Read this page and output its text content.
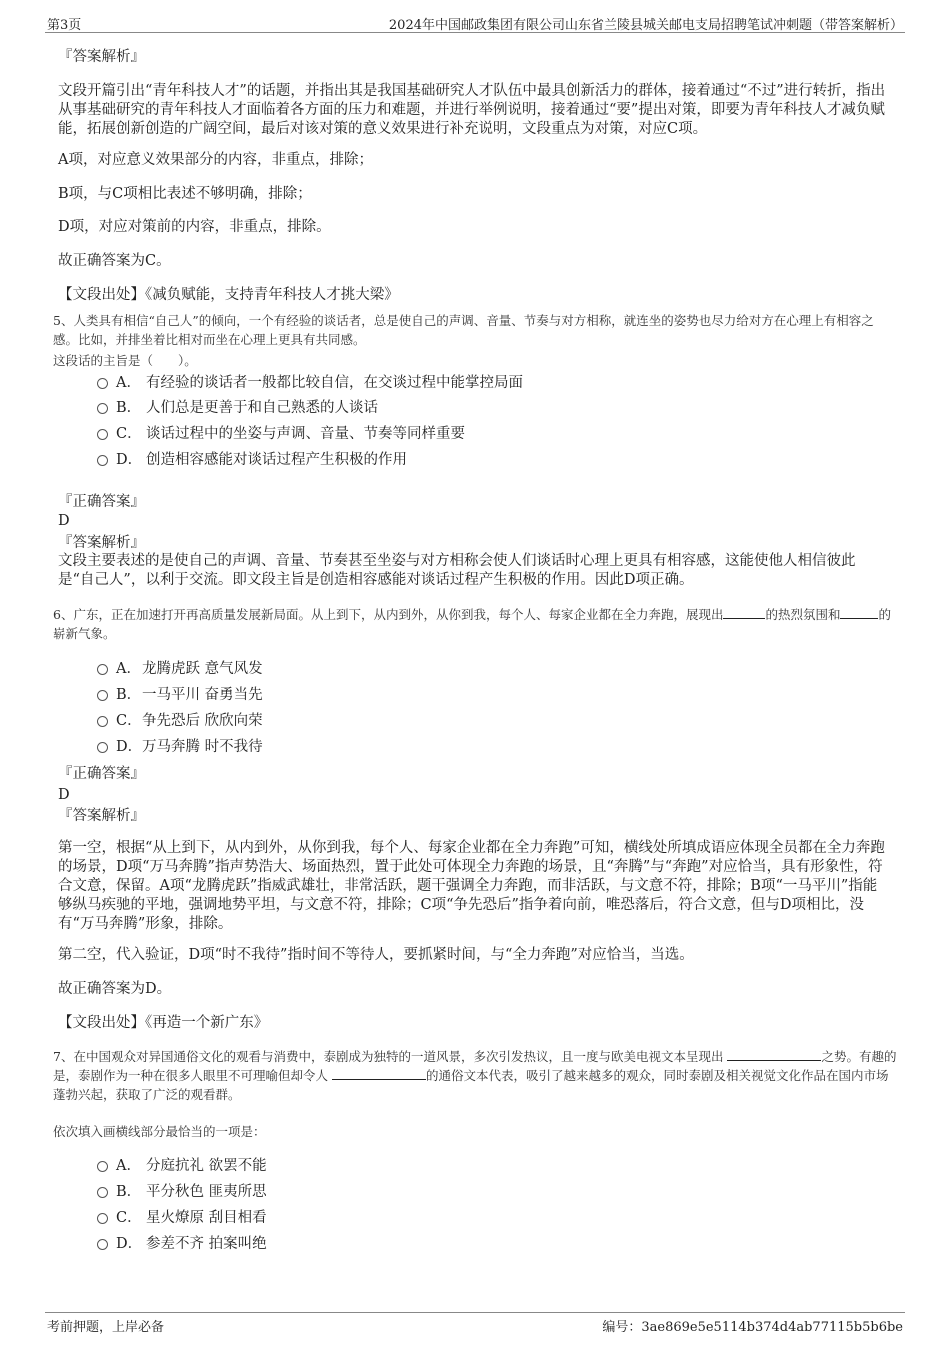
第3页	2024年中国邮政集团有限公司山东省兰陵县城关邮电支局招聘笔试冲刺题（带答案解析）
『答案解析』
文段开篇引出“青年科技人才”的话题，并指出其是我国基础研究人才队伍中最具创新活力的群体，接着通过“不过”进行转折，指出从事基础研究的青年科技人才面临着各方面的压力和难题，并进行举例说明，接着通过“要”提出对策，即要为青年科技人才减负赋能，拓展创新创造的广阔空间，最后对该对策的意义效果进行补充说明，文段重点为对策，对应C项。
A项，对应意义效果部分的内容，非重点，排除；
B项，与C项相比表述不够明确，排除；
D项，对应对策前的内容，非重点，排除。
故正确答案为C。
【文段出处】《减负赋能，支持青年科技人才挑大梁》
5、人类具有相信“自己人”的倾向，一个有经验的谈话者，总是使自己的声调、音量、节奏与对方相称，就连坐的姿势也尽力给对方在心理上有相容之感。比如，并排坐着比相对而坐在心理上更具有共同感。
这段话的主旨是（　　）。
A． 有经验的谈话者一般都比较自信，在交谈过程中能掌控局面
B． 人们总是更善于和自己熟悉的人谈话
C． 谈话过程中的坐姿与声调、音量、节奏等同样重要
D． 创造相容感能对谈话过程产生积极的作用
『正确答案』
D
『答案解析』
文段主要表述的是使自己的声调、音量、节奏甚至坐姿与对方相称会使人们谈话时心理上更具有相容感，这能使他人相信彼此是“自己人”，以利于交流。即文段主旨是创造相容感能对谈话过程产生积极的作用。因此D项正确。
6、广东，正在加速打开再高质量发展新局面。从上到下，从内到外，从你到我，每个人、每家企业都在全力奔跑，展现出	的热烈氛围和	的崭新气象。
A．龙腾虎跃 意气风发
B．一马平川 奋勇当先
C．争先恐后 欣欣向荣
D．万马奔腾 时不我待
『正确答案』
D
『答案解析』
第一空，根据“从上到下，从内到外，从你到我，每个人、每家企业都在全力奔跑”可知，横线处所填成语应体现全员都在全力奔跑的场景，D项“万马奔腾”指声势浩大、场面热烈，置于此处可体现全力奔跑的场景，且“奔腾”与“奔跑”对应恰当，具有形象性，符合文意，保留。A项“龙腾虎跃”指威武雄壮，非常活跃，题干强调全力奔跑，而非活跃，与文意不符，排除；B项“一马平川”指能够纵马疾驰的平地，强调地势平坦，与文意不符，排除；C项“争先恐后”指争着向前，唯恐落后，符合文意，但与D项相比，没有“万马奔腾”形象，排除。
第二空，代入验证，D项“时不我待”指时间不等待人，要抓紧时间，与“全力奔跑”对应恰当，当选。
故正确答案为D。
【文段出处】《再造一个新广东》
7、在中国观众对异国通俗文化的观看与消费中，泰剧成为独特的一道风景，多次引发热议，且一度与欧美电视文本呈现出	之势。有趣的是，泰剧作为一种在很多人眼里不可理喻但却令人	的通俗文本代表，吸引了越来越多的观众，同时泰剧及相关视觉文化作品在国内市场蓬勃兴起，获取了广泛的观看群。
依次填入画横线部分最恰当的一项是：
A． 分庭抗礼 欲罢不能
B． 平分秋色 匪夷所思
C． 星火燎原 刮目相看
D． 参差不齐 拍案叫绝
考前押题，上岸必备	编号：3ae869e5e5114b374d4ab77115b5b6be
